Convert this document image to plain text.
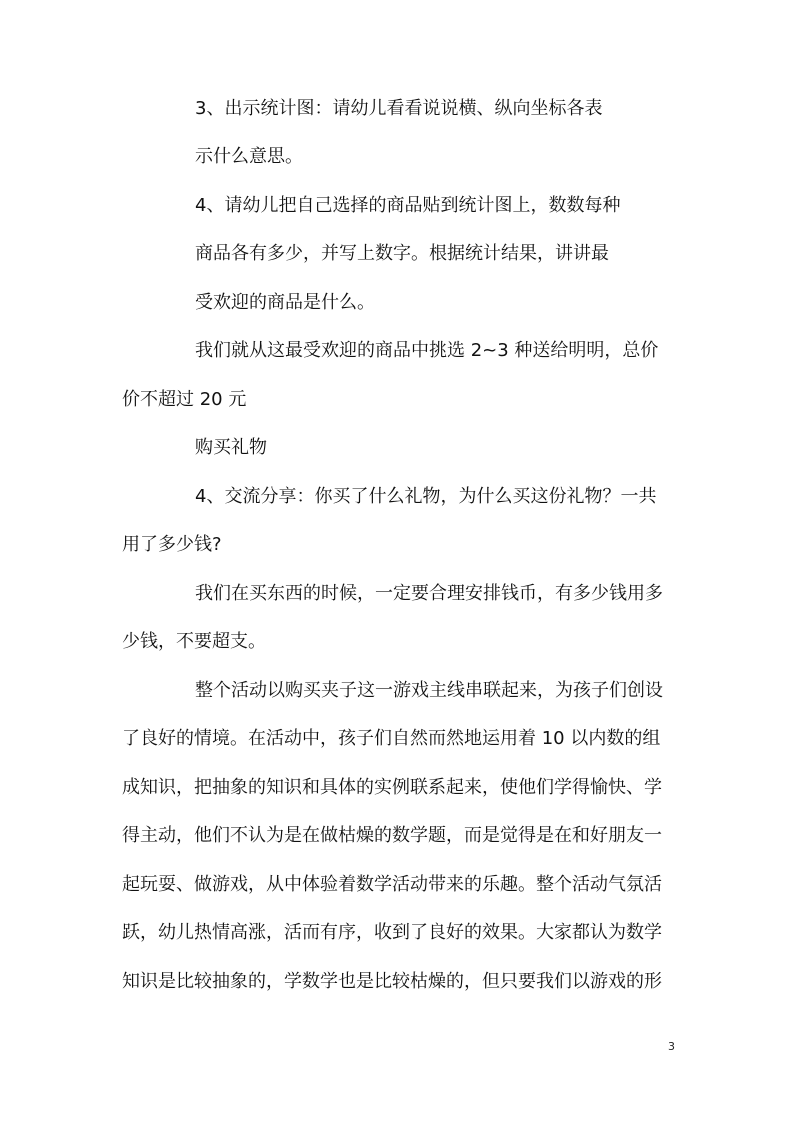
3、出示统计图：请幼儿看看说说横、纵向坐标各表
示什么意思。
4、请幼儿把自己选择的商品贴到统计图上，数数每种
商品各有多少，并写上数字。根据统计结果，讲讲最
受欢迎的商品是什么。
我们就从这最受欢迎的商品中挑选 2~3 种送给明明，总价
价不超过 20 元
购买礼物
4、交流分享：你买了什么礼物，为什么买这份礼物？一共
用了多少钱?
我们在买东西的时候，一定要合理安排钱币，有多少钱用多
少钱，不要超支。
整个活动以购买夹子这一游戏主线串联起来，为孩子们创设
了良好的情境。在活动中，孩子们自然而然地运用着 10 以内数的组
成知识，把抽象的知识和具体的实例联系起来，使他们学得愉快、学
得主动，他们不认为是在做枯燥的数学题，而是觉得是在和好朋友一
起玩耍、做游戏，从中体验着数学活动带来的乐趣。整个活动气氛活
跃，幼儿热情高涨，活而有序，收到了良好的效果。大家都认为数学
知识是比较抽象的，学数学也是比较枯燥的，但只要我们以游戏的形
3
